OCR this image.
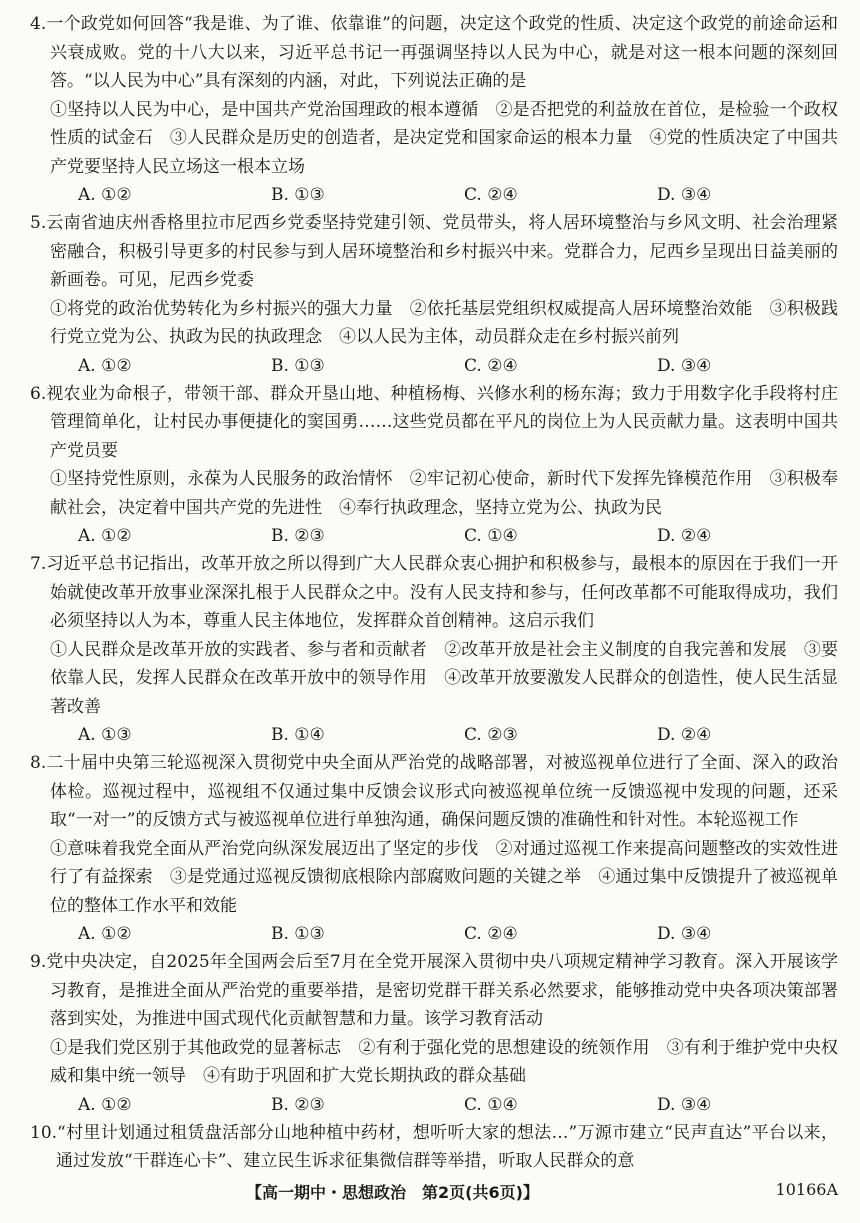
4.一个政党如何回答“我是谁、为了谁、依靠谁”的问题，决定这个政党的性质、决定这个政党的前途命运和兴衰成败。党的十八大以来，习近平总书记一再强调坚持以人民为中心，就是对这一根本问题的深刻回答。“以人民为中心”具有深刻的内涵，对此，下列说法正确的是
①坚持以人民为中心，是中国共产党治国理政的根本遵循　②是否把党的利益放在首位，是检验一个政权性质的试金石　③人民群众是历史的创造者，是决定党和国家命运的根本力量　④党的性质决定了中国共产党要坚持人民立场这一根本立场
A. ①②	B. ①③	C. ②④	D. ③④
5.云南省迪庆州香格里拉市尼西乡党委坚持党建引领、党员带头，将人居环境整治与乡风文明、社会治理紧密融合，积极引导更多的村民参与到人居环境整治和乡村振兴中来。党群合力，尼西乡呈现出日益美丽的新画卷。可见，尼西乡党委
①将党的政治优势转化为乡村振兴的强大力量　②依托基层党组织权威提高人居环境整治效能　③积极践行党立党为公、执政为民的执政理念　④以人民为主体，动员群众走在乡村振兴前列
A. ①②	B. ①③	C. ②④	D. ③④
6.视农业为命根子，带领干部、群众开垦山地、种植杨梅、兴修水利的杨东海；致力于用数字化手段将村庄管理简单化，让村民办事便捷化的窦国勇……这些党员都在平凡的岗位上为人民贡献力量。这表明中国共产党员要
①坚持党性原则，永葆为人民服务的政治情怀　②牢记初心使命，新时代下发挥先锋模范作用　③积极奉献社会，决定着中国共产党的先进性　④奉行执政理念，坚持立党为公、执政为民
A. ①②	B. ②③	C. ①④	D. ②④
7.习近平总书记指出，改革开放之所以得到广大人民群众衷心拥护和积极参与，最根本的原因在于我们一开始就使改革开放事业深深扎根于人民群众之中。没有人民支持和参与，任何改革都不可能取得成功，我们必须坚持以人为本，尊重人民主体地位，发挥群众首创精神。这启示我们
①人民群众是改革开放的实践者、参与者和贡献者　②改革开放是社会主义制度的自我完善和发展　③要依靠人民，发挥人民群众在改革开放中的领导作用　④改革开放要激发人民群众的创造性，使人民生活显著改善
A. ①③	B. ①④	C. ②③	D. ②④
8.二十届中央第三轮巡视深入贯彻党中央全面从严治党的战略部署，对被巡视单位进行了全面、深入的政治体检。巡视过程中，巡视组不仅通过集中反馈会议形式向被巡视单位统一反馈巡视中发现的问题，还采取“一对一”的反馈方式与被巡视单位进行单独沟通，确保问题反馈的准确性和针对性。本轮巡视工作
①意味着我党全面从严治党向纵深发展迈出了坚定的步伐　②对通过巡视工作来提高问题整改的实效性进行了有益探索　③是党通过巡视反馈彻底根除内部腐败问题的关键之举　④通过集中反馈提升了被巡视单位的整体工作水平和效能
A. ①②	B. ①③	C. ②④	D. ③④
9.党中央决定，自2025年全国两会后至7月在全党开展深入贯彻中央八项规定精神学习教育。深入开展该学习教育，是推进全面从严治党的重要举措，是密切党群干群关系必然要求，能够推动党中央各项决策部署落到实处，为推进中国式现代化贡献智慧和力量。该学习教育活动
①是我们党区别于其他政党的显著标志　②有利于强化党的思想建设的统领作用　③有利于维护党中央权威和集中统一领导　④有助于巩固和扩大党长期执政的群众基础
A. ①②	B. ②③	C. ①④	D. ③④
10.“村里计划通过租赁盘活部分山地种植中药材，想听听大家的想法…”万源市建立“民声直达”平台以来，通过发放“干群连心卡”、建立民生诉求征集微信群等举措，听取人民群众的意
【高一期中・思想政治　第2页(共6页)】	10166A
